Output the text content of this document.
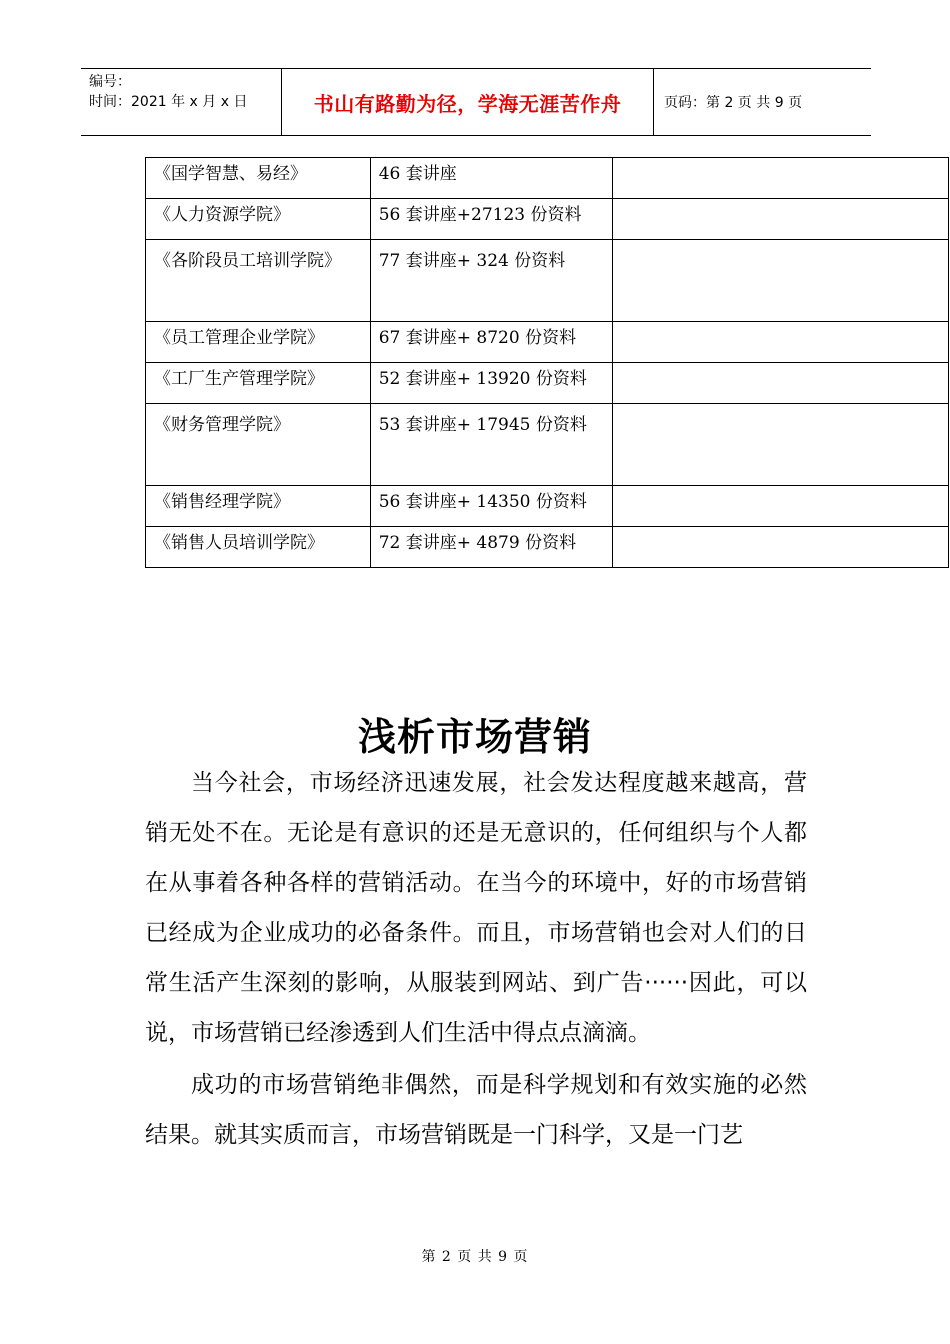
编号：
时间：2021 年 x 月 x 日	书山有路勤为径，学海无涯苦作舟	页码：第 2 页 共 9 页
《国学智慧、易经》	46 套讲座	
《人力资源学院》	56 套讲座+27123 份资料	
《各阶段员工培训学院》	77 套讲座+ 324 份资料	
《员工管理企业学院》	67 套讲座+ 8720 份资料	
《工厂生产管理学院》	52 套讲座+ 13920 份资料	
《财务管理学院》	53 套讲座+ 17945 份资料	
《销售经理学院》	56 套讲座+ 14350 份资料	
《销售人员培训学院》	72 套讲座+ 4879 份资料	
浅析市场营销

当今社会，市场经济迅速发展，社会发达程度越来越高，营销无处不在。无论是有意识的还是无意识的，任何组织与个人都在从事着各种各样的营销活动。在当今的环境中，好的市场营销已经成为企业成功的必备条件。而且，市场营销也会对人们的日常生活产生深刻的影响，从服装到网站、到广告······因此，可以说，市场营销已经渗透到人们生活中得点点滴滴。

成功的市场营销绝非偶然，而是科学规划和有效实施的必然结果。就其实质而言，市场营销既是一门科学，又是一门艺

第 2 页 共 9 页
